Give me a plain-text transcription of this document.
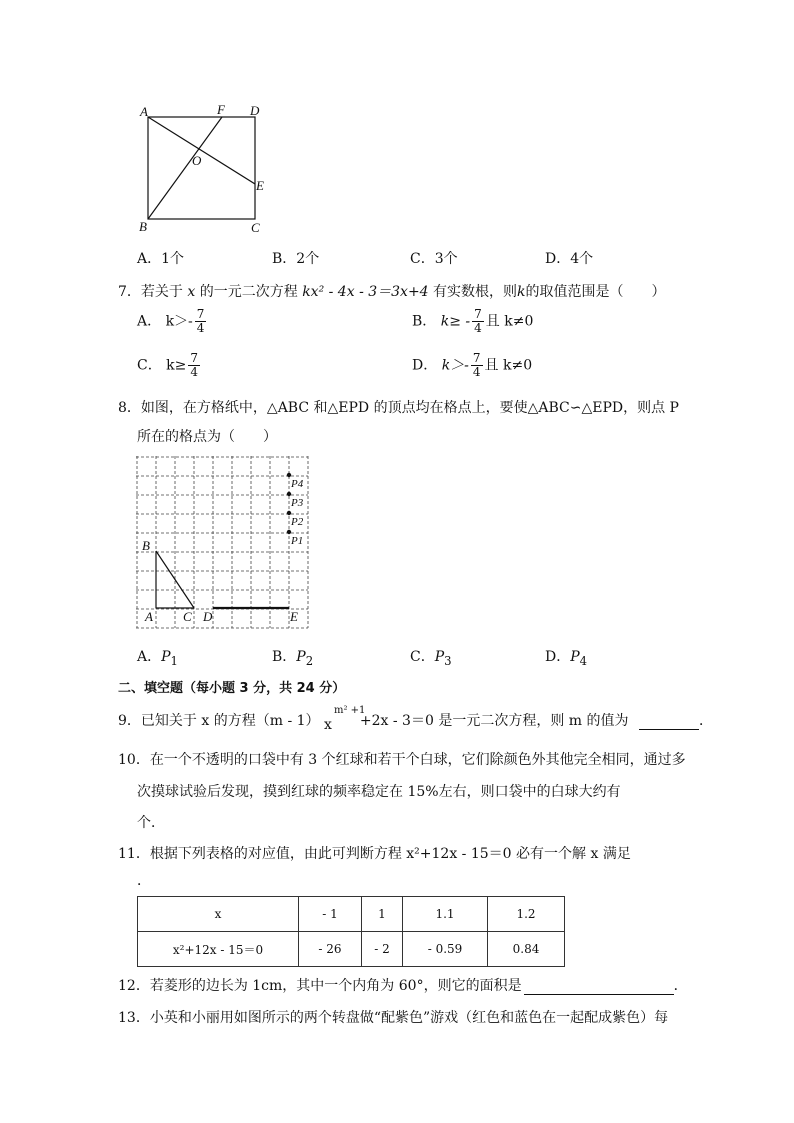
A	F D
O
E
B	C
A．1个	B．2个	C．3个	D．4个
7．若关于 x 的一元二次方程 kx² - 4x - 3＝3x+4 有实数根，则k的取值范围是（　　）
A． $k>- \frac{7}{4}$	B． $k\ge - \frac{7}{4}$ 且 k≠0
C． $k\ge \frac{7}{4}$	D． $k>- \frac{7}{4}$ 且 k≠0
8．如图，在方格纸中，△ABC 和△EPD 的顶点均在格点上，要使△ABC∽△EPD，则点 P
所在的格点为（　　）
B
A C D	E
P4
P3
P2
P1
A．$P_1$	B．$P_2$	C．$P_3$	D．$P_4$
二、填空题（每小题 3 分，共 24 分）
9．已知关于 x 的方程（m - 1） x
m² +1
+2x - 3＝0 是一元二次方程，则 m 的值为	．
10．在一个不透明的口袋中有 3 个红球和若干个白球，它们除颜色外其他完全相同，通过多
次摸球试验后发现，摸到红球的频率稳定在 15%左右，则口袋中的白球大约有
个．
11．根据下列表格的对应值，由此可判断方程 x²+12x - 15＝0 必有一个解 x 满足
．
x	- 1	1	1.1	1.2
x²+12x - 15＝0	- 26	- 2	- 0.59	0.84
12．若菱形的边长为 1cm，其中一个内角为 60°，则它的面积是	．
13．小英和小丽用如图所示的两个转盘做“配紫色”游戏（红色和蓝色在一起配成紫色）每
